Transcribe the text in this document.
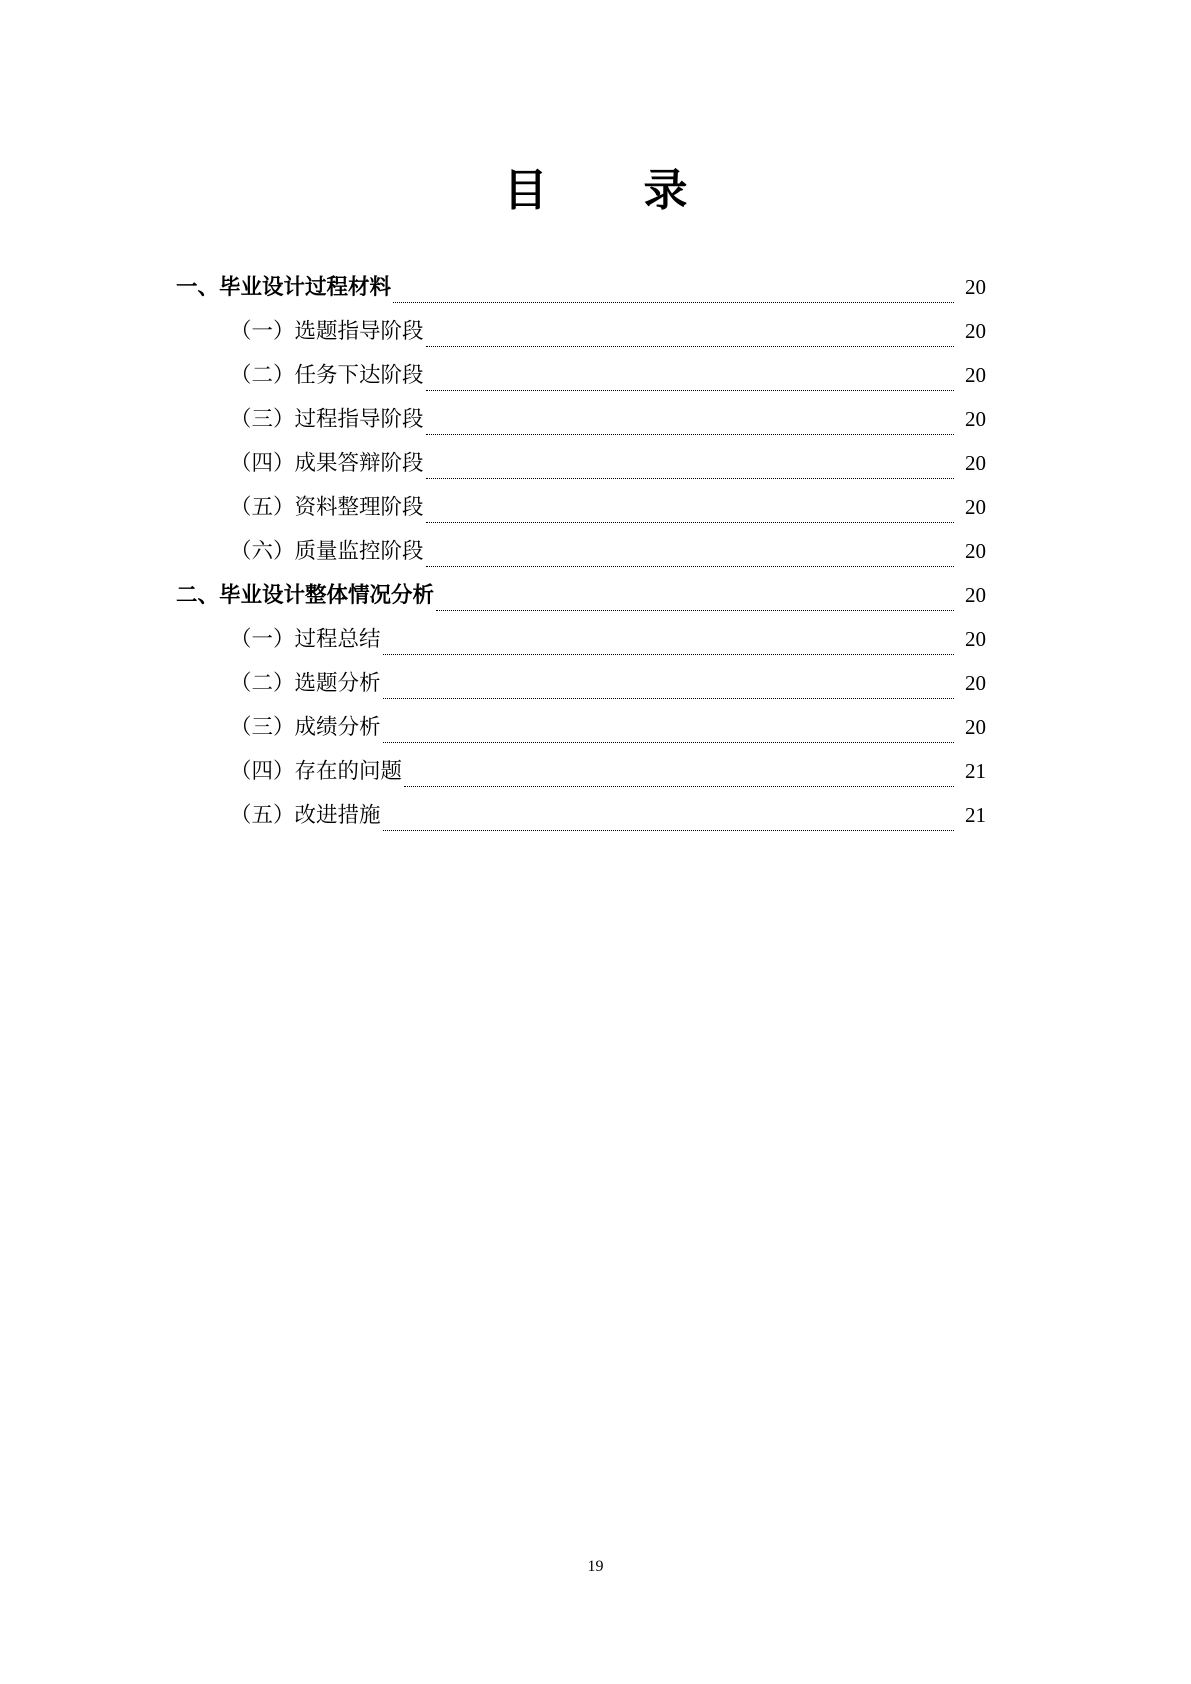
目　录
一、毕业设计过程材料	20
（一）选题指导阶段	20
（二）任务下达阶段	20
（三）过程指导阶段	20
（四）成果答辩阶段	20
（五）资料整理阶段	20
（六）质量监控阶段	20
二、毕业设计整体情况分析	20
（一）过程总结	20
（二）选题分析	20
（三）成绩分析	20
（四）存在的问题	21
（五）改进措施	21
19
